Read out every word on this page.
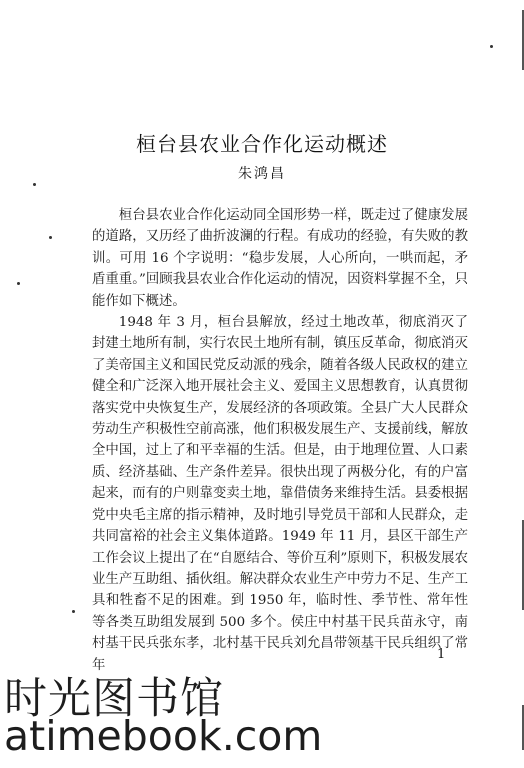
桓台县农业合作化运动概述
朱鸿昌

桓台县农业合作化运动同全国形势一样，既走过了健康发展的道路，又历经了曲折波澜的行程。有成功的经验，有失败的教训。可用 16 个字说明：“稳步发展，人心所向，一哄而起，矛盾重重。”回顾我县农业合作化运动的情况，因资料掌握不全，只能作如下概述。

1948 年 3 月，桓台县解放，经过土地改革，彻底消灭了封建土地所有制，实行农民土地所有制，镇压反革命，彻底消灭了美帝国主义和国民党反动派的残余，随着各级人民政权的建立健全和广泛深入地开展社会主义、爱国主义思想教育，认真贯彻落实党中央恢复生产，发展经济的各项政策。全县广大人民群众劳动生产积极性空前高涨，他们积极发展生产、支援前线，解放全中国，过上了和平幸福的生活。但是，由于地理位置、人口素质、经济基础、生产条件差异。很快出现了两极分化，有的户富起来，而有的户则靠变卖土地，靠借债务来维持生活。县委根据党中央毛主席的指示精神，及时地引导党员干部和人民群众，走共同富裕的社会主义集体道路。1949 年 11 月，县区干部生产工作会议上提出了在“自愿结合、等价互利”原则下，积极发展农业生产互助组、插伙组。解决群众农业生产中劳力不足、生产工具和牲畜不足的困难。到 1950 年，临时性、季节性、常年性等各类互助组发展到 500 多个。侯庄中村基干民兵苗永守，南村基干民兵张东孝，北村基干民兵刘允昌带领基干民兵组织了常年

1
时光图书馆
atimebook.com
